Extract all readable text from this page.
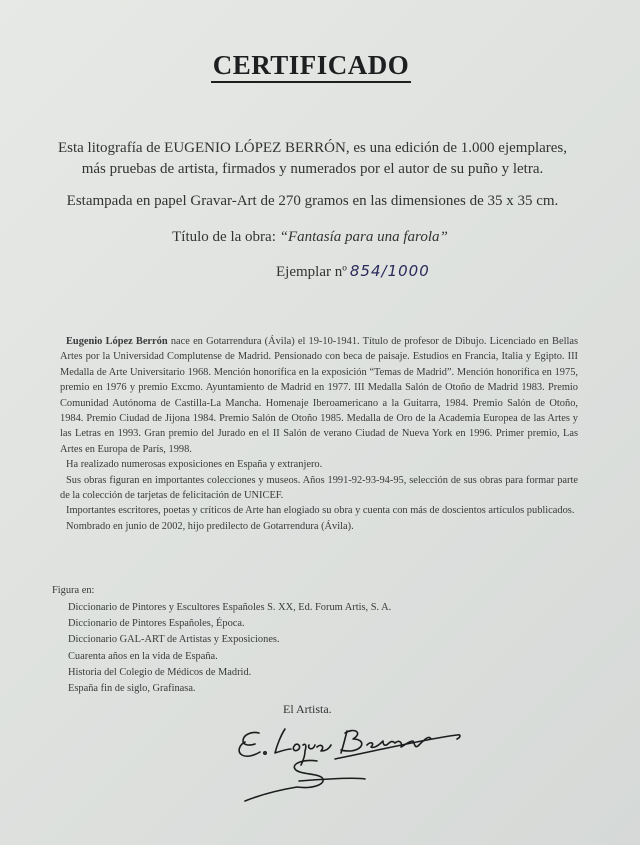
CERTIFICADO

Esta litografía de EUGENIO LÓPEZ BERRÓN, es una edición de 1.000 ejemplares,

más pruebas de artista, firmados y numerados por el autor de su puño y letra.

Estampada en papel Gravar-Art de 270 gramos en las dimensiones de 35 x 35 cm.
Título de la obra: “Fantasía para una farola”
Ejemplar nº 854/1000

Eugenio López Berrón nace en Gotarrendura (Ávila) el 19-10-1941. Título de profesor de Dibujo. Licenciado en Bellas Artes por la Universidad Complutense de Madrid. Pensionado con beca de paisaje. Estudios en Francia, Italia y Egipto. III Medalla de Arte Universitario 1968. Mención honorífica en la exposición “Temas de Madrid”. Mención honorífica en 1975, premio en 1976 y premio Excmo. Ayuntamiento de Madrid en 1977. III Medalla Salón de Otoño de Madrid 1983. Premio Comunidad Autónoma de Castilla-La Mancha. Homenaje Iberoamericano a la Guitarra, 1984. Premio Salón de Otoño, 1984. Premio Ciudad de Jijona 1984. Premio Salón de Otoño 1985. Medalla de Oro de la Academia Europea de las Artes y las Letras en 1993. Gran premio del Jurado en el II Salón de verano Ciudad de Nueva York en 1996. Primer premio, Las Artes en Europa de París, 1998.

Ha realizado numerosas exposiciones en España y extranjero.

Sus obras figuran en importantes colecciones y museos. Años 1991-92-93-94-95, selección de sus obras para formar parte de la colección de tarjetas de felicitación de UNICEF.

Importantes escritores, poetas y críticos de Arte han elogiado su obra y cuenta con más de doscientos artículos publicados.

Nombrado en junio de 2002, hijo predilecto de Gotarrendura (Ávila).

Figura en:
Diccionario de Pintores y Escultores Españoles S. XX, Ed. Forum Artis, S. A.
Diccionario de Pintores Españoles, Época.
Diccionario GAL-ART de Artistas y Exposiciones.
Cuarenta años en la vida de España.
Historia del Colegio de Médicos de Madrid.
España fin de siglo, Grafinasa.
El Artista.
